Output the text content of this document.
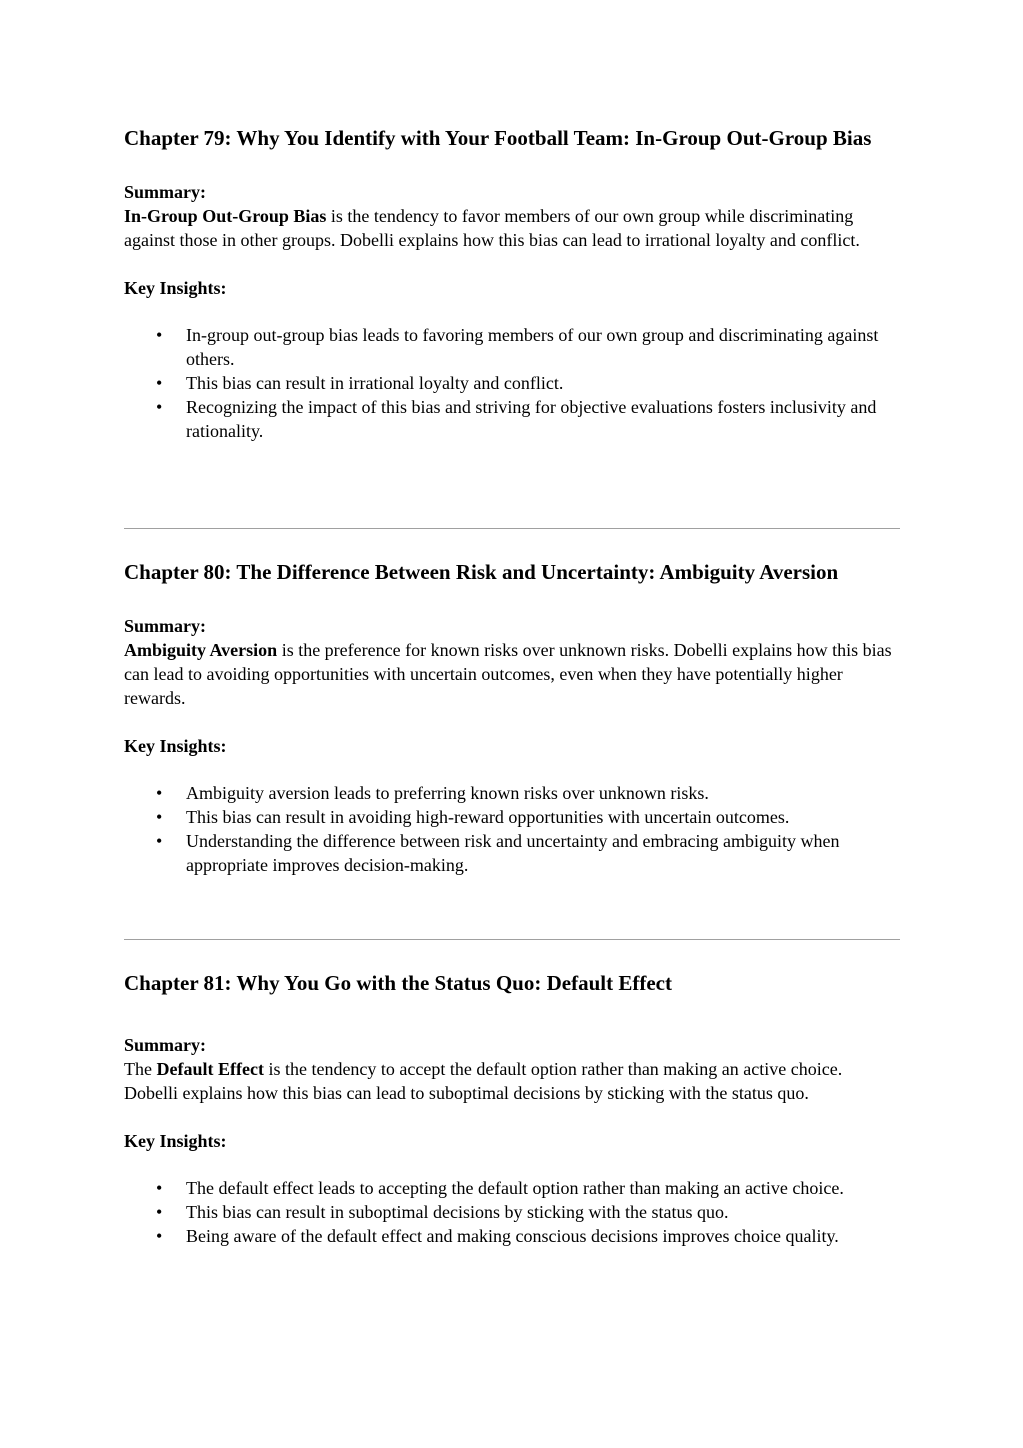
Chapter 79: Why You Identify with Your Football Team: In-Group Out-Group Bias

Summary:

In-Group Out-Group Bias is the tendency to favor members of our own group while discriminating against those in other groups. Dobelli explains how this bias can lead to irrational loyalty and conflict.

Key Insights:

• In-group out-group bias leads to favoring members of our own group and discriminating against others.
• This bias can result in irrational loyalty and conflict.
• Recognizing the impact of this bias and striving for objective evaluations fosters inclusivity and rationality.
Chapter 80: The Difference Between Risk and Uncertainty: Ambiguity Aversion

Summary:

Ambiguity Aversion is the preference for known risks over unknown risks. Dobelli explains how this bias can lead to avoiding opportunities with uncertain outcomes, even when they have potentially higher rewards.

Key Insights:

• Ambiguity aversion leads to preferring known risks over unknown risks.
• This bias can result in avoiding high-reward opportunities with uncertain outcomes.
• Understanding the difference between risk and uncertainty and embracing ambiguity when appropriate improves decision-making.
Chapter 81: Why You Go with the Status Quo: Default Effect

Summary:

The Default Effect is the tendency to accept the default option rather than making an active choice. Dobelli explains how this bias can lead to suboptimal decisions by sticking with the status quo.

Key Insights:

• The default effect leads to accepting the default option rather than making an active choice.
• This bias can result in suboptimal decisions by sticking with the status quo.
• Being aware of the default effect and making conscious decisions improves choice quality.
